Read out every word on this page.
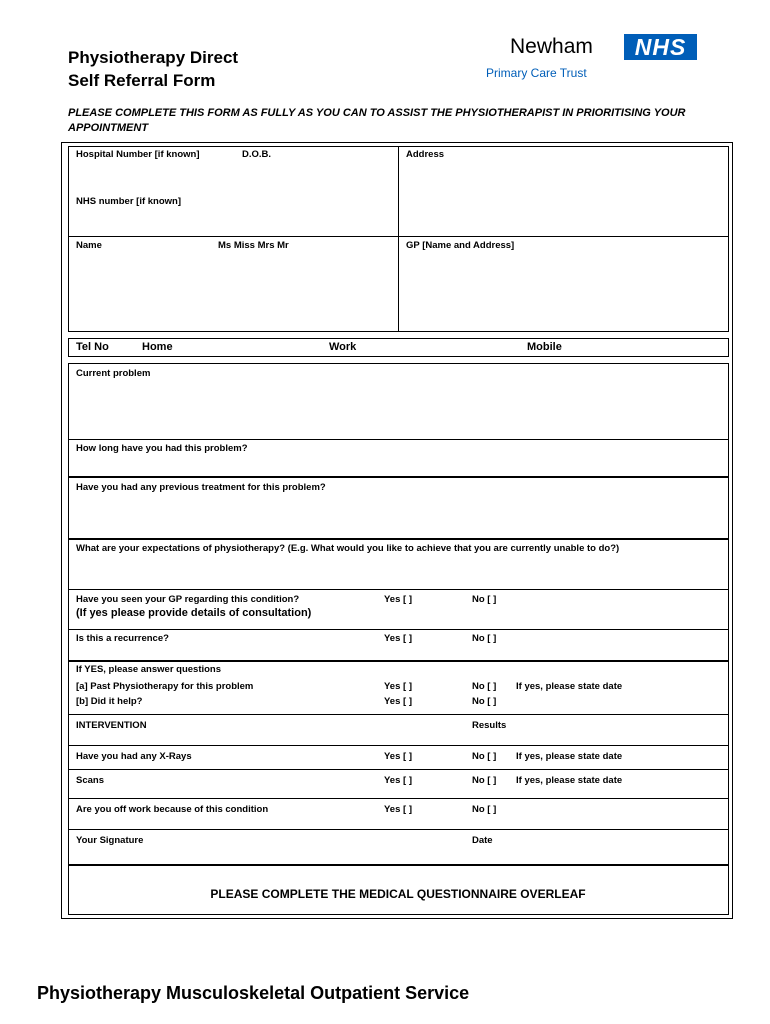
Physiotherapy Direct
Self Referral Form
Newham	NHS
Primary Care Trust
PLEASE COMPLETE THIS FORM AS FULLY AS YOU CAN TO ASSIST THE PHYSIOTHERAPIST IN PRIORITISING YOUR APPOINTMENT
Hospital Number [if known]	D.O.B.	Address
NHS number [if known]
Name	Ms Miss Mrs Mr	GP [Name and Address]
Tel No	Home	Work	Mobile
Current problem
How long have you had this problem?
Have you had any previous treatment for this problem?
What are your expectations of physiotherapy? (E.g. What would you like to achieve that you are currently unable to do?)
Have you seen your GP regarding this condition?
(If yes please provide details of consultation)
Yes [ ]	No [ ]
Is this a recurrence?	Yes [ ]	No [ ]
If YES, please answer questions
[a] Past Physiotherapy for this problem	Yes [ ]	No [ ] If yes, please state date
[b] Did it help?	Yes [ ]	No [ ]
INTERVENTION	Results
Have you had any X-Rays	Yes [ ]	No [ ] If yes, please state date
Scans	Yes [ ]	No [ ] If yes, please state date
Are you off work because of this condition	Yes [ ]	No [ ]
Your Signature	Date
PLEASE COMPLETE THE MEDICAL QUESTIONNAIRE OVERLEAF
Physiotherapy Musculoskeletal Outpatient Service
